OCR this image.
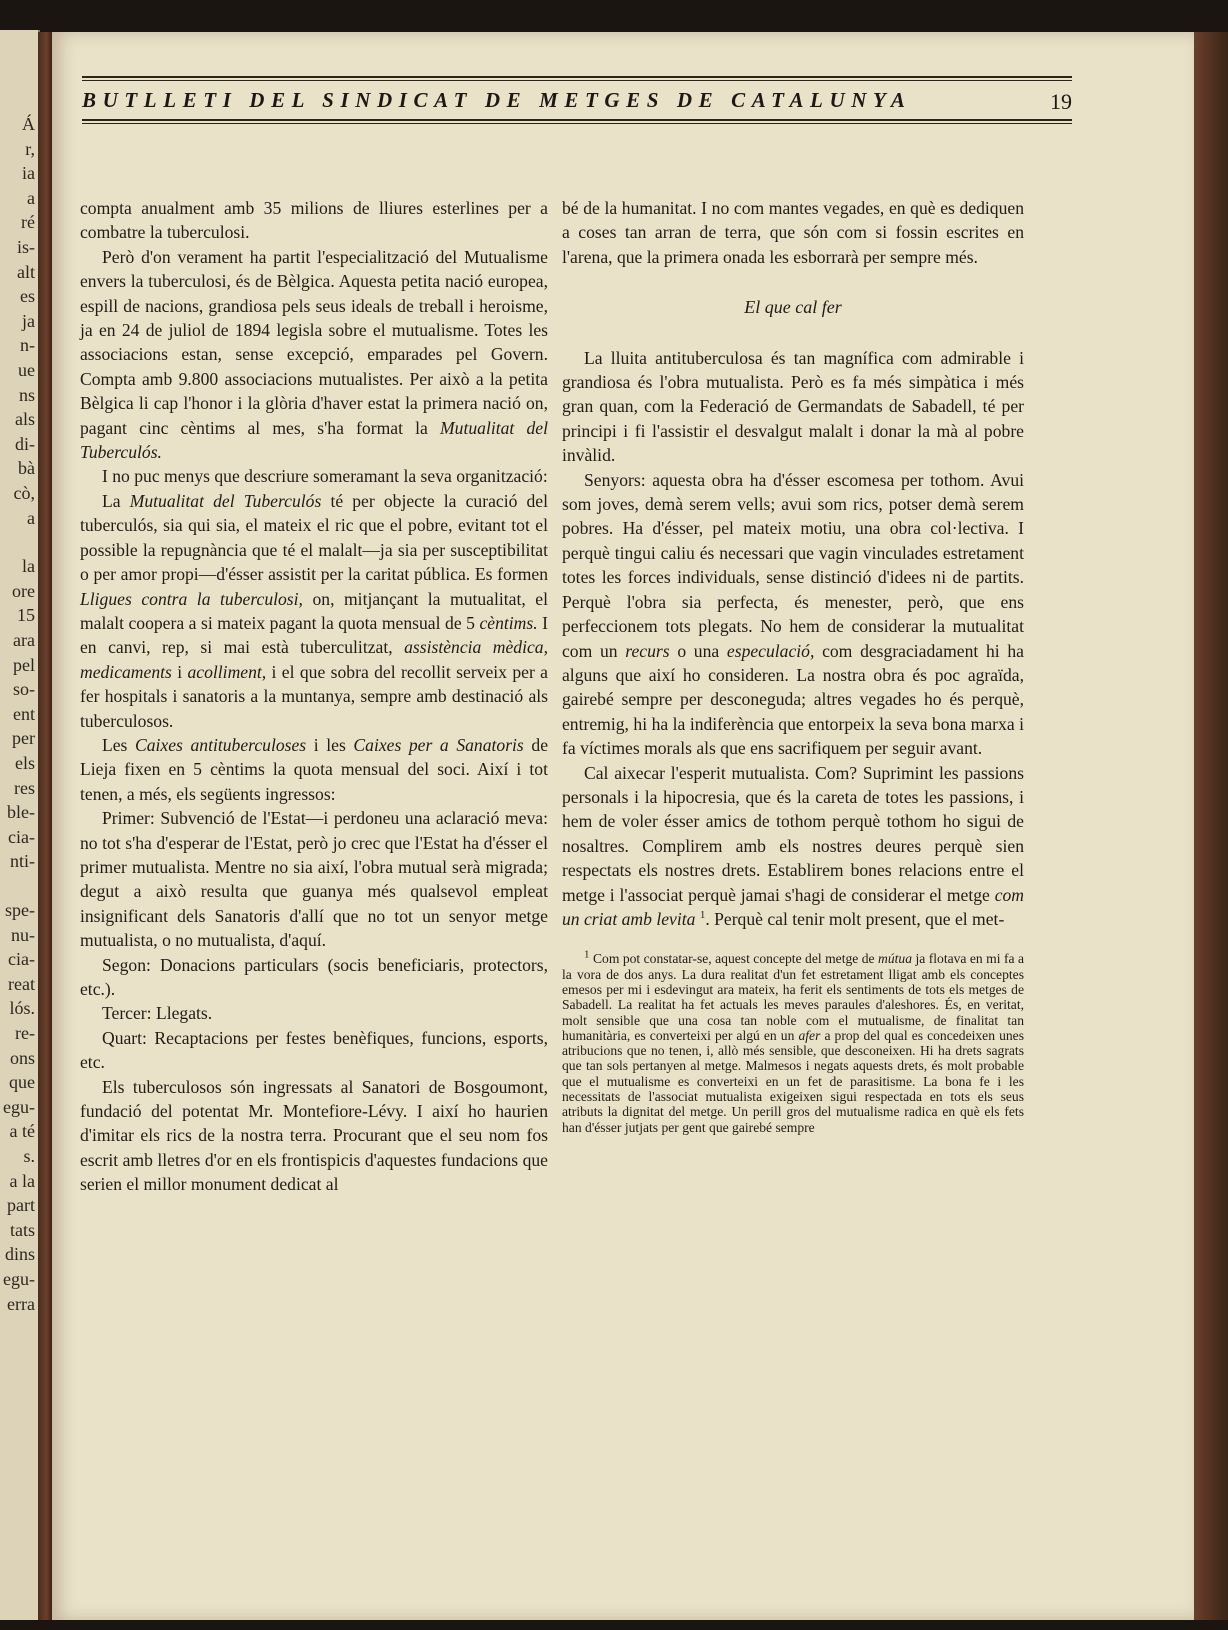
Á
r,
ia
a
ré
is-
alt
es
ja
n-
ue
ns
als
di-
bà
cò,
a
la
ore
15
ara
pel
so-
ent
per
els
res
ble-
cia-
nti-
spe-
nu-
cia-
reat
lós.
re-
ons
que
egu-
a té
s.
a la
part
tats
dins
egu-
erra
BUTLLETI DEL SINDICAT DE METGES DE CATALUNYA	19

compta anualment amb 35 milions de lliures esterlines per a combatre la tuberculosi.

Però d'on verament ha partit l'especialització del Mutualisme envers la tuberculosi, és de Bèlgica. Aquesta petita nació europea, espill de nacions, grandiosa pels seus ideals de treball i heroisme, ja en 24 de juliol de 1894 legisla sobre el mutualisme. Totes les associacions estan, sense excepció, emparades pel Govern. Compta amb 9.800 associacions mutualistes. Per això a la petita Bèlgica li cap l'honor i la glòria d'haver estat la primera nació on, pagant cinc cèntims al mes, s'ha format la Mutualitat del Tuberculós.

I no puc menys que descriure someramant la seva organització:

La Mutualitat del Tuberculós té per objecte la curació del tuberculós, sia qui sia, el mateix el ric que el pobre, evitant tot el possible la repugnància que té el malalt—ja sia per susceptibilitat o per amor propi—d'ésser assistit per la caritat pública. Es formen Lligues contra la tuberculosi, on, mitjançant la mutualitat, el malalt coopera a si mateix pagant la quota mensual de 5 cèntims. I en canvi, rep, si mai està tuberculitzat, assistència mèdica, medicaments i acolliment, i el que sobra del recollit serveix per a fer hospitals i sanatoris a la muntanya, sempre amb destinació als tuberculosos.

Les Caixes antituberculoses i les Caixes per a Sanatoris de Lieja fixen en 5 cèntims la quota mensual del soci. Així i tot tenen, a més, els següents ingressos:

Primer: Subvenció de l'Estat—i perdoneu una aclaració meva: no tot s'ha d'esperar de l'Estat, però jo crec que l'Estat ha d'ésser el primer mutualista. Mentre no sia així, l'obra mutual serà migrada; degut a això resulta que guanya més qualsevol empleat insignificant dels Sanatoris d'allí que no tot un senyor metge mutualista, o no mutualista, d'aquí.

Segon: Donacions particulars (socis beneficiaris, protectors, etc.).

Tercer: Llegats.

Quart: Recaptacions per festes benèfiques, funcions, esports, etc.

Els tuberculosos són ingressats al Sanatori de Bosgoumont, fundació del potentat Mr. Montefiore-Lévy. I així ho haurien d'imitar els rics de la nostra terra. Procurant que el seu nom fos escrit amb lletres d'or en els frontispicis d'aquestes fundacions que serien el millor monument dedicat al

bé de la humanitat. I no com mantes vegades, en què es dediquen a coses tan arran de terra, que són com si fossin escrites en l'arena, que la primera onada les esborrarà per sempre més.

El que cal fer

La lluita antituberculosa és tan magnífica com admirable i grandiosa és l'obra mutualista. Però es fa més simpàtica i més gran quan, com la Federació de Germandats de Sabadell, té per principi i fi l'assistir el desvalgut malalt i donar la mà al pobre invàlid.

Senyors: aquesta obra ha d'ésser escomesa per tothom. Avui som joves, demà serem vells; avui som rics, potser demà serem pobres. Ha d'ésser, pel mateix motiu, una obra col·lectiva. I perquè tingui caliu és necessari que vagin vinculades estretament totes les forces individuals, sense distinció d'idees ni de partits. Perquè l'obra sia perfecta, és menester, però, que ens perfeccionem tots plegats. No hem de considerar la mutualitat com un recurs o una especulació, com desgraciadament hi ha alguns que així ho consideren. La nostra obra és poc agraïda, gairebé sempre per desconeguda; altres vegades ho és perquè, entremig, hi ha la indiferència que entorpeix la seva bona marxa i fa víctimes morals als que ens sacrifiquem per seguir avant.

Cal aixecar l'esperit mutualista. Com? Suprimint les passions personals i la hipocresia, que és la careta de totes les passions, i hem de voler ésser amics de tothom perquè tothom ho sigui de nosaltres. Complirem amb els nostres deures perquè sien respectats els nostres drets. Establirem bones relacions entre el metge i l'associat perquè jamai s'hagi de considerar el metge com un criat amb levita $^1$. Perquè cal tenir molt present, que el met-

$^1$ Com pot constatar-se, aquest concepte del metge de mútua ja flotava en mi fa a la vora de dos anys. La dura realitat d'un fet estretament lligat amb els conceptes emesos per mi i esdevingut ara mateix, ha ferit els sentiments de tots els metges de Sabadell. La realitat ha fet actuals les meves paraules d'aleshores. És, en veritat, molt sensible que una cosa tan noble com el mutualisme, de finalitat tan humanitària, es converteixi per algú en un afer a prop del qual es concedeixen unes atribucions que no tenen, i, allò més sensible, que desconeixen. Hi ha drets sagrats que tan sols pertanyen al metge. Malmesos i negats aquests drets, és molt probable que el mutualisme es converteixi en un fet de parasitisme. La bona fe i les necessitats de l'associat mutualista exigeixen sigui respectada en tots els seus atributs la dignitat del metge. Un perill gros del mutualisme radica en què els fets han d'ésser jutjats per gent que gairebé sempre
